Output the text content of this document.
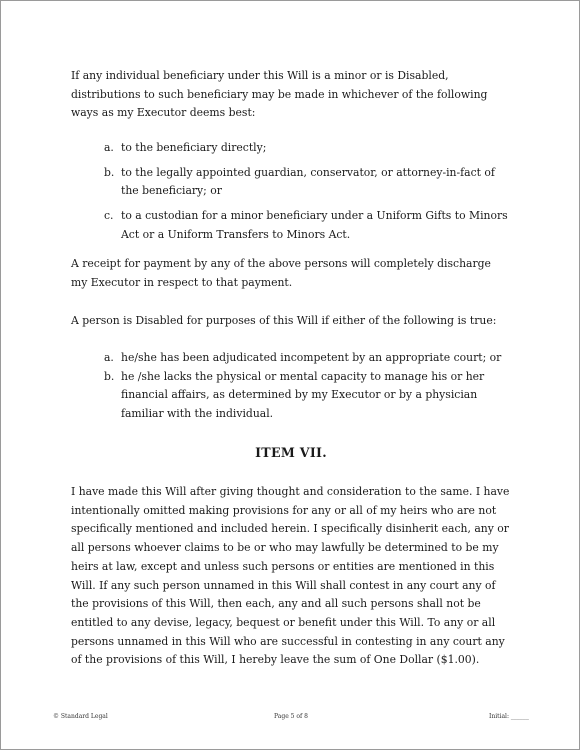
If any individual beneficiary under this Will is a minor or is Disabled, distributions to such beneficiary may be made in whichever of the following ways as my Executor deems best:

a. to the beneficiary directly;
b. to the legally appointed guardian, conservator, or attorney-in-fact of the beneficiary; or
c. to a custodian for a minor beneficiary under a Uniform Gifts to Minors Act or a Uniform Transfers to Minors Act.

A receipt for payment by any of the above persons will completely discharge my Executor in respect to that payment.

A person is Disabled for purposes of this Will if either of the following is true:

a. he/she has been adjudicated incompetent by an appropriate court; or
b. he /she lacks the physical or mental capacity to manage his or her financial affairs, as determined by my Executor or by a physician familiar with the individual.
ITEM VII.

I have made this Will after giving thought and consideration to the same. I have intentionally omitted making provisions for any or all of my heirs who are not specifically mentioned and included herein. I specifically disinherit each, any or all persons whoever claims to be or who may lawfully be determined to be my heirs at law, except and unless such persons or entities are mentioned in this Will. If any such person unnamed in this Will shall contest in any court any of the provisions of this Will, then each, any and all such persons shall not be entitled to any devise, legacy, bequest or benefit under this Will. To any or all persons unnamed in this Will who are successful in contesting in any court any of the provisions of this Will, I hereby leave the sum of One Dollar ($1.00).

© Standard Legal	Page 5 of 8	Initial: ______
